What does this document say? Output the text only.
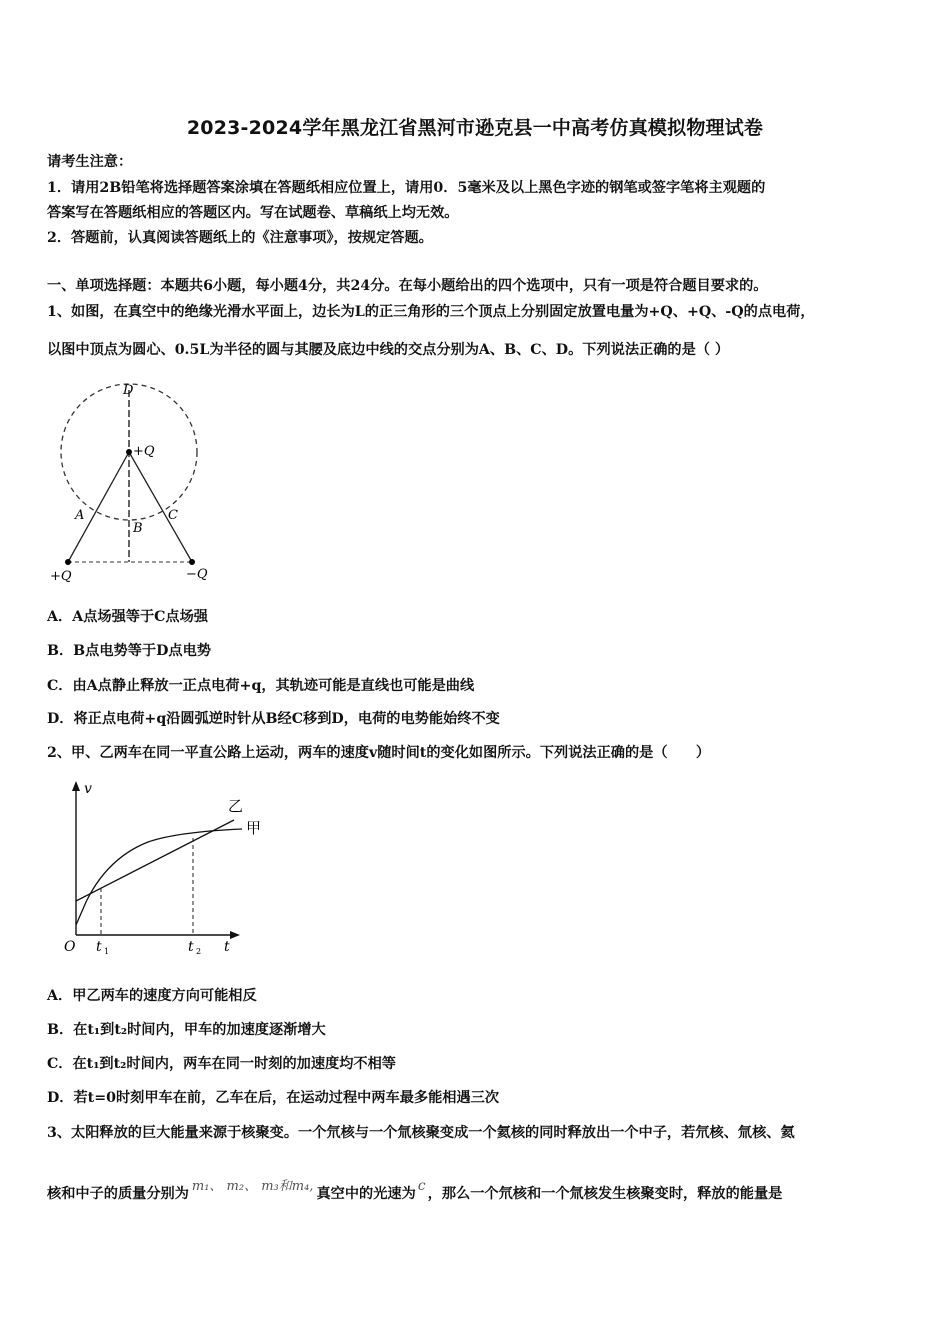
2023-2024学年黑龙江省黑河市逊克县一中高考仿真模拟物理试卷
请考生注意：
1．请用2B铅笔将选择题答案涂填在答题纸相应位置上，请用0．5毫米及以上黑色字迹的钢笔或签字笔将主观题的
答案写在答题纸相应的答题区内。写在试题卷、草稿纸上均无效。
2．答题前，认真阅读答题纸上的《注意事项》，按规定答题。
一、单项选择题：本题共6小题，每小题4分，共24分。在每小题给出的四个选项中，只有一项是符合题目要求的。
1、如图，在真空中的绝缘光滑水平面上，边长为L的正三角形的三个顶点上分别固定放置电量为+Q、+Q、-Q的点电荷，
以图中顶点为圆心、0.5L为半径的圆与其腰及底边中线的交点分别为A、B、C、D。下列说法正确的是（ ）
D
+Q
A
B
C
+Q	−Q
A．A点场强等于C点场强
B．B点电势等于D点电势
C．由A点静止释放一正点电荷+q，其轨迹可能是直线也可能是曲线
D．将正点电荷+q沿圆弧逆时针从B经C移到D，电荷的电势能始终不变
2、甲、乙两车在同一平直公路上运动，两车的速度v随时间t的变化如图所示。下列说法正确的是（　　）
v
t
O t 1	t 2
乙
甲
A．甲乙两车的速度方向可能相反
B．在t₁到t₂时间内，甲车的加速度逐渐增大
C．在t₁到t₂时间内，两车在同一时刻的加速度均不相等
D．若t=0时刻甲车在前，乙车在后，在运动过程中两车最多能相遇三次
3、太阳释放的巨大能量来源于核聚变。一个氘核与一个氚核聚变成一个氦核的同时释放出一个中子，若氘核、氚核、氦
核和中子的质量分别为 m₁、 m₂、 m₃和m₄, 真空中的光速为 c ，那么一个氘核和一个氚核发生核聚变时，释放的能量是
